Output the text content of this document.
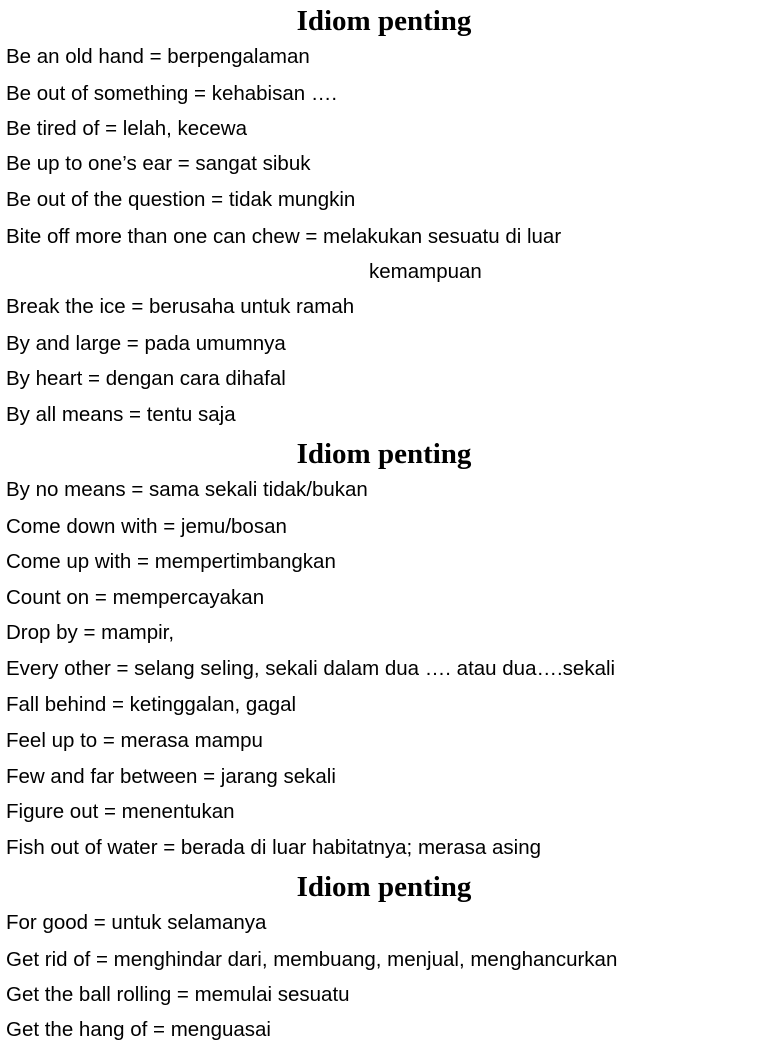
Idiom penting
Be an old hand = berpengalaman
Be out of something = kehabisan ….
Be tired of = lelah, kecewa
Be up to one’s ear = sangat sibuk
Be out of the question = tidak mungkin
Bite off more than one can chew = melakukan sesuatu di luar
kemampuan
Break the ice = berusaha untuk ramah
By and large = pada umumnya
By heart = dengan cara dihafal
By all means = tentu saja
Idiom penting
By no means = sama sekali tidak/bukan
Come down with = jemu/bosan
Come up with = mempertimbangkan
Count on = mempercayakan
Drop by = mampir,
Every other = selang seling, sekali dalam dua …. atau dua….sekali
Fall behind = ketinggalan, gagal
Feel up to = merasa mampu
Few and far between = jarang sekali
Figure out = menentukan
Fish out of water = berada di luar habitatnya; merasa asing
Idiom penting
For good = untuk selamanya
Get rid of = menghindar dari, membuang, menjual, menghancurkan
Get the ball rolling = memulai sesuatu
Get the hang of = menguasai
